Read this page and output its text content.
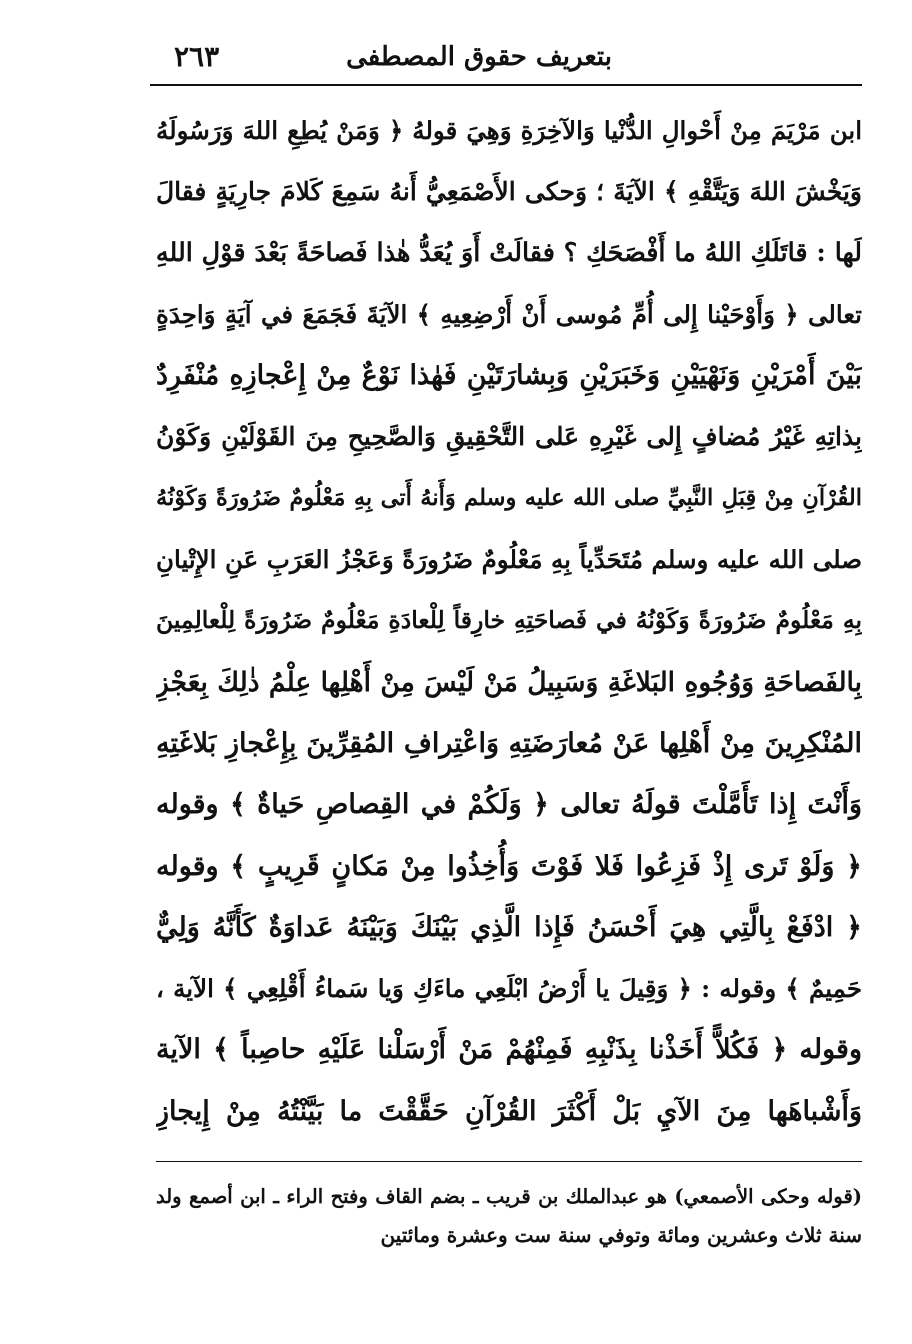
بتعريف حقوق المصطفى
٢٦٣
ابن مَرْيَمَ مِنْ أَحْوالِ الدُّنْيا وَالآخِرَةِ وَهِيَ قولهُ ﴿ وَمَنْ يُطِعِ اللهَ وَرَسُولَهُ
وَيَخْشَ اللهَ وَيَتَّقْهِ ﴾ الآيَةَ ؛ وَحكى الأَصْمَعِيُّ أَنهُ سَمِعَ كَلامَ جارِيَةٍ فقالَ
لَها : قاتَلَكِ اللهُ ما أَفْصَحَكِ ؟ فقالَتْ أَوَ يُعَدُّ هٰذا فَصاحَةً بَعْدَ قوْلِ اللهِ
تعالى ﴿ وَأَوْحَيْنا إِلى أُمِّ مُوسى أَنْ أَرْضِعِيهِ ﴾ الآيَةَ فَجَمَعَ في آيَةٍ وَاحِدَةٍ
بَيْنَ أَمْرَيْنِ وَنَهْيَيْنِ وَخَبَرَيْنِ وَبِشارَتَيْنِ فَهٰذا نَوْعٌ مِنْ إِعْجازِهِ مُنْفَرِدٌ
بِذاتِهِ غَيْرُ مُضافٍ إِلى غَيْرِهِ عَلى التَّحْقِيقِ وَالصَّحِيحِ مِنَ القَوْلَيْنِ وَكَوْنُ
القُرْآنِ مِنْ قِبَلِ النَّبِيِّ صلى الله عليه وسلم وَأَنهُ أَتى بِهِ مَعْلُومٌ ضَرُورَةً وَكَوْنُهُ
صلى الله عليه وسلم مُتَحَدِّياً بِهِ مَعْلُومٌ ضَرُورَةً وَعَجْزُ العَرَبِ عَنِ الإِتْيانِ
بِهِ مَعْلُومٌ ضَرُورَةً وَكَوْنُهُ في فَصاحَتِهِ خارِقاً لِلْعادَةِ مَعْلُومٌ ضَرُورَةً لِلْعالِمِينَ
بِالفَصاحَةِ وَوُجُوهِ البَلاغَةِ وَسَبِيلُ مَنْ لَيْسَ مِنْ أَهْلِها عِلْمُ ذٰلِكَ بِعَجْزِ
المُنْكِرِينَ مِنْ أَهْلِها عَنْ مُعارَضَتِهِ وَاعْتِرافِ المُقِرِّينَ بِإِعْجازِ بَلاغَتِهِ
وَأَنْتَ إِذا تَأَمَّلْتَ قولَهُ تعالى ﴿ وَلَكُمْ في القِصاصِ حَياةٌ ﴾ وقوله
﴿ وَلَوْ تَرى إِذْ فَزِعُوا فَلا فَوْتَ وَأُخِذُوا مِنْ مَكانٍ قَرِيبٍ ﴾ وقوله
﴿ ادْفَعْ بِالَّتِي هِيَ أَحْسَنُ فَإِذا الَّذِي بَيْنَكَ وَبَيْنَهُ عَداوَةٌ كَأَنَّهُ وَلِيٌّ
حَمِيمٌ ﴾ وقوله : ﴿ وَقِيلَ يا أَرْضُ ابْلَعِي ماءَكِ وَيا سَماءُ أَقْلِعِي ﴾ الآية ،
وقوله ﴿ فَكُلاًّ أَخَذْنا بِذَنْبِهِ فَمِنْهُمْ مَنْ أَرْسَلْنا عَلَيْهِ حاصِباً ﴾ الآية
وَأَشْباهَها مِنَ الآيِ بَلْ أَكْثَرَ القُرْآنِ حَقَّقْتَ ما بَيَّنْتُهُ مِنْ إِيجازِ
(قوله وحكى الأصمعي) هو عبدالملك بن قريب ـ بضم القاف وفتح الراء ـ ابن أصمع ولد
سنة ثلاث وعشرين ومائة وتوفي سنة ست وعشرة ومائتين
